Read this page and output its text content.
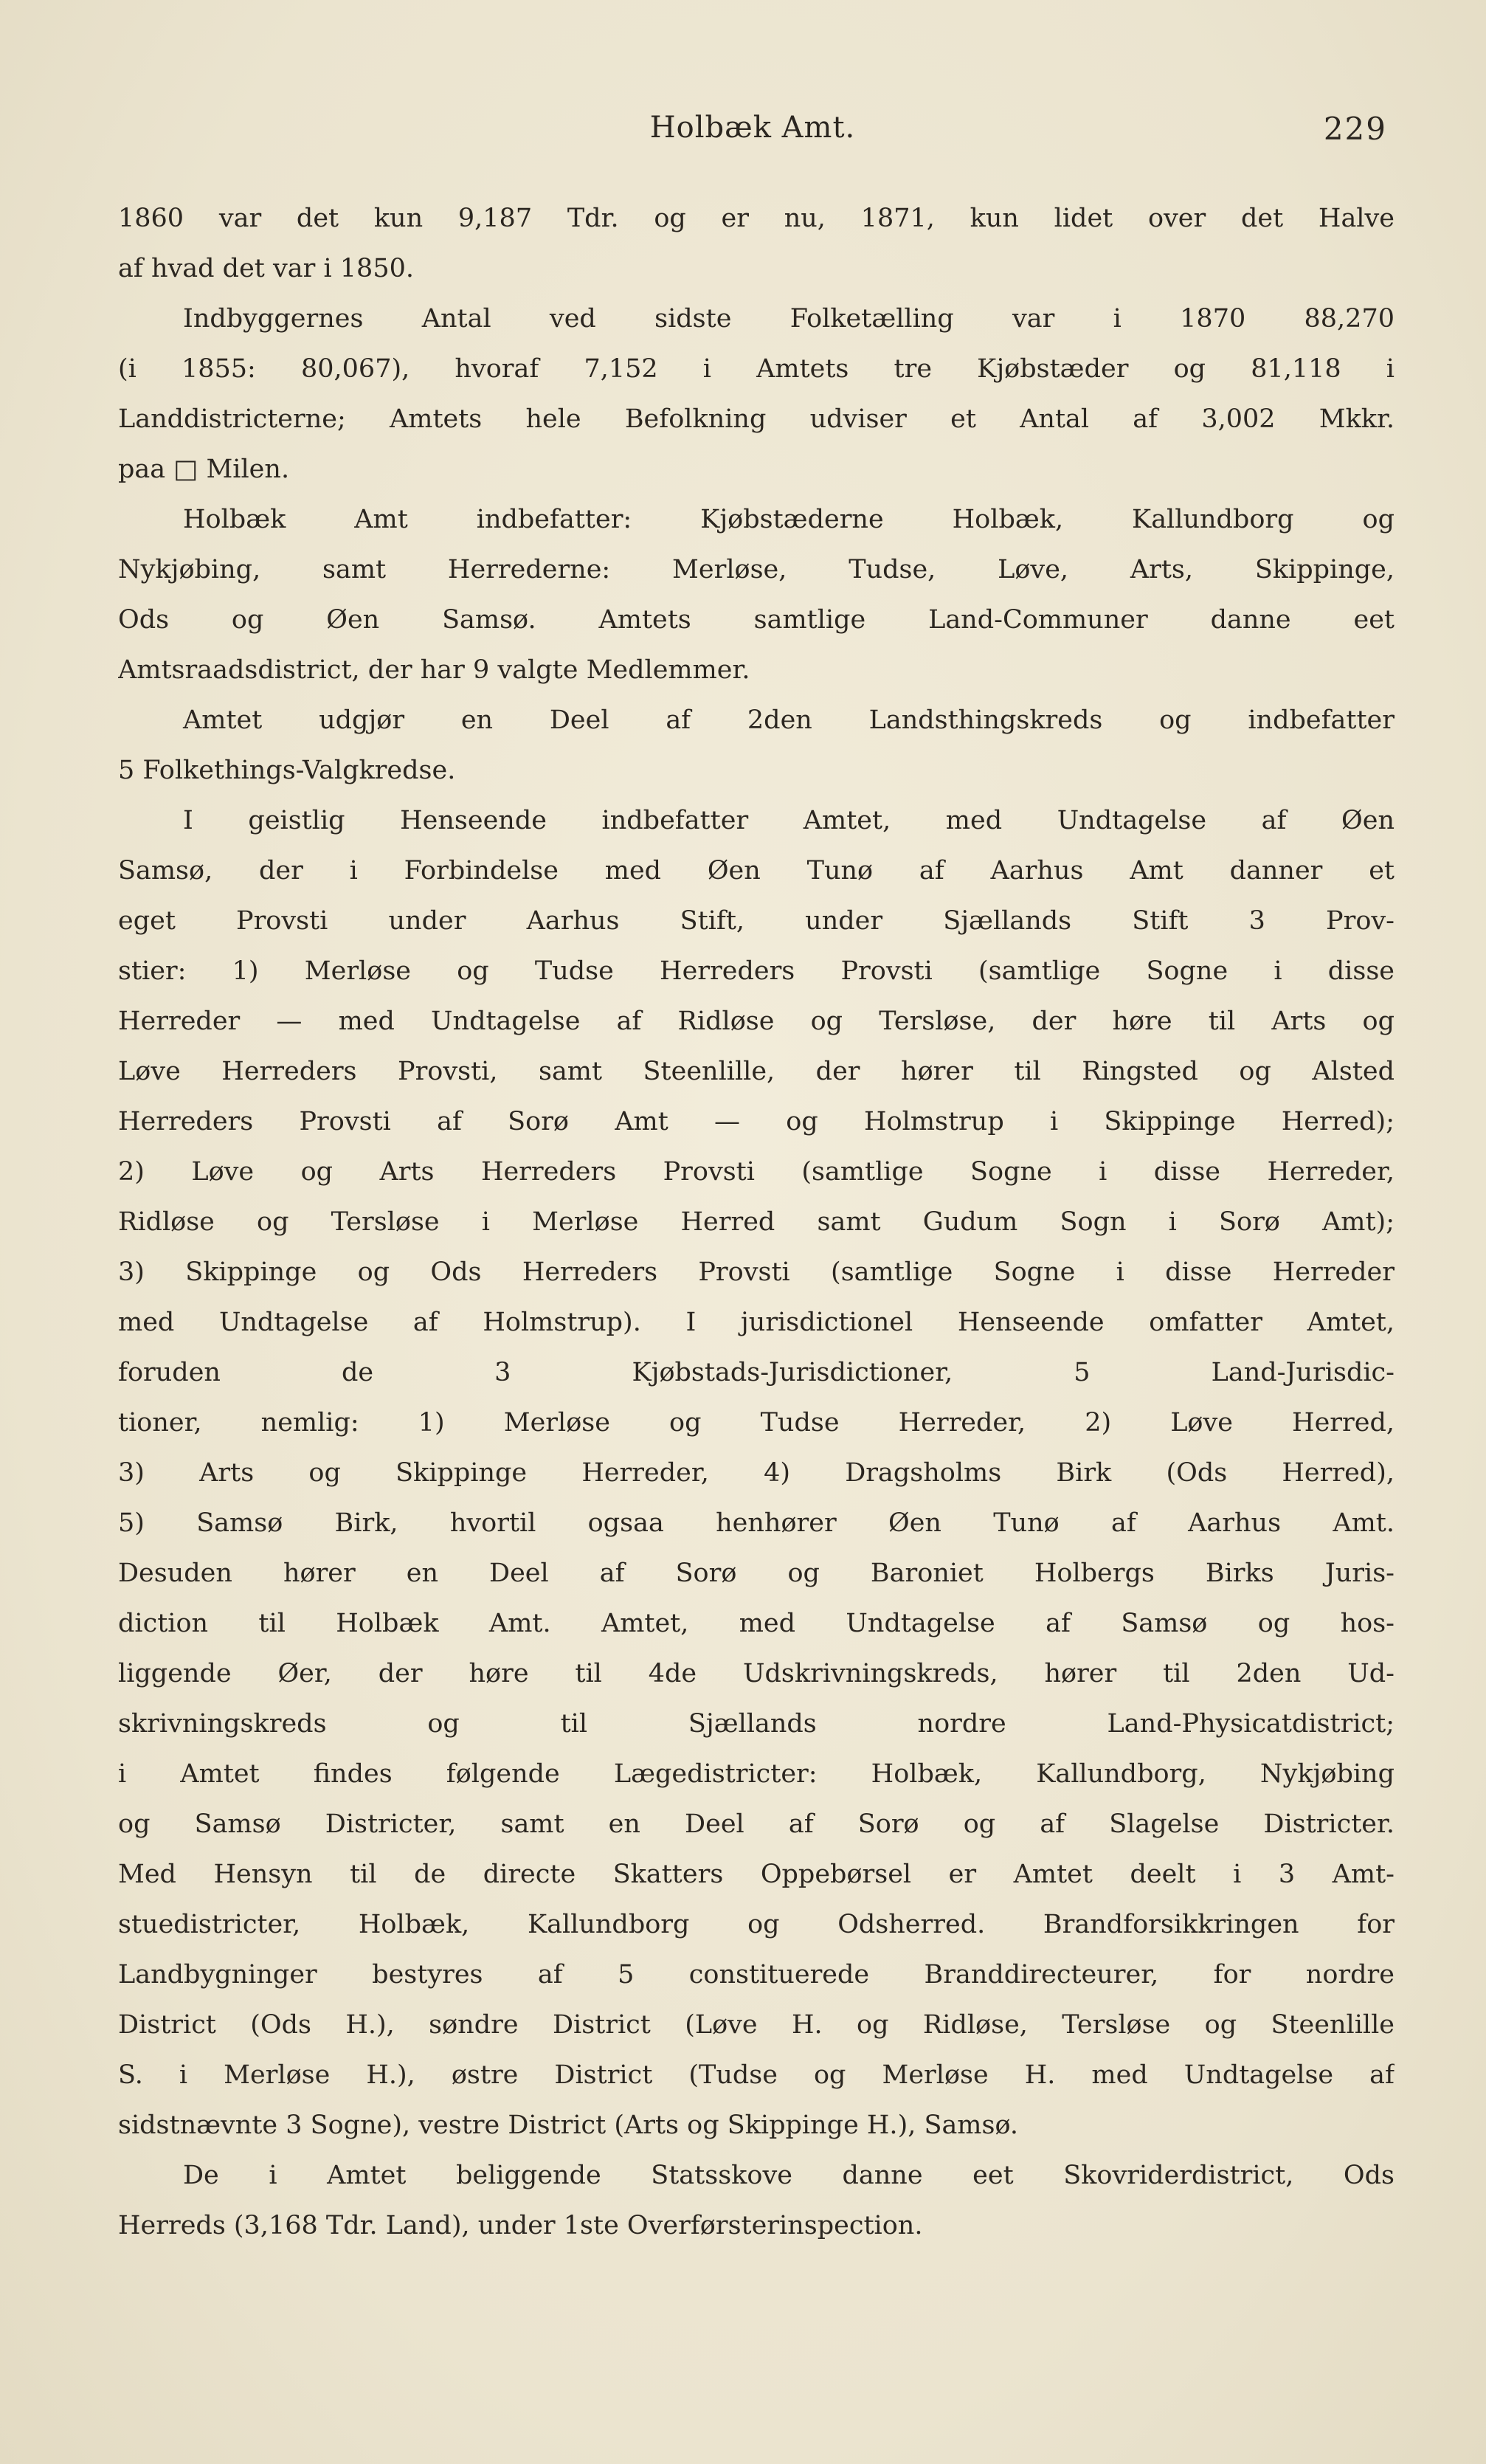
Holbæk Amt.	229
1860 var det kun 9,187 Tdr. og er nu, 1871, kun lidet over det Halve
af hvad det var i 1850.
Indbyggernes Antal ved sidste Folketælling var i 1870 88,270
(i 1855: 80,067), hvoraf 7,152 i Amtets tre Kjøbstæder og 81,118 i
Landdistricterne; Amtets hele Befolkning udviser et Antal af 3,002 Mkkr.
paa □ Milen.
Holbæk Amt indbefatter: Kjøbstæderne Holbæk, Kallundborg og
Nykjøbing, samt Herrederne: Merløse, Tudse, Løve, Arts, Skippinge,
Ods og Øen Samsø. Amtets samtlige Land-Communer danne eet
Amtsraadsdistrict, der har 9 valgte Medlemmer.
Amtet udgjør en Deel af 2den Landsthingskreds og indbefatter
5 Folkethings-Valgkredse.
I geistlig Henseende indbefatter Amtet, med Undtagelse af Øen
Samsø, der i Forbindelse med Øen Tunø af Aarhus Amt danner et
eget Provsti under Aarhus Stift, under Sjællands Stift 3 Prov-
stier: 1) Merløse og Tudse Herreders Provsti (samtlige Sogne i disse
Herreder — med Undtagelse af Ridløse og Tersløse, der høre til Arts og
Løve Herreders Provsti, samt Steenlille, der hører til Ringsted og Alsted
Herreders Provsti af Sorø Amt — og Holmstrup i Skippinge Herred);
2) Løve og Arts Herreders Provsti (samtlige Sogne i disse Herreder,
Ridløse og Tersløse i Merløse Herred samt Gudum Sogn i Sorø Amt);
3) Skippinge og Ods Herreders Provsti (samtlige Sogne i disse Herreder
med Undtagelse af Holmstrup). I jurisdictionel Henseende omfatter Amtet,
foruden de 3 Kjøbstads-Jurisdictioner, 5 Land-Jurisdic-
tioner, nemlig: 1) Merløse og Tudse Herreder, 2) Løve Herred,
3) Arts og Skippinge Herreder, 4) Dragsholms Birk (Ods Herred),
5) Samsø Birk, hvortil ogsaa henhører Øen Tunø af Aarhus Amt.
Desuden hører en Deel af Sorø og Baroniet Holbergs Birks Juris-
diction til Holbæk Amt. Amtet, med Undtagelse af Samsø og hos-
liggende Øer, der høre til 4de Udskrivningskreds, hører til 2den Ud-
skrivningskreds og til Sjællands nordre Land-Physicatdistrict;
i Amtet findes følgende Lægedistricter: Holbæk, Kallundborg, Nykjøbing
og Samsø Districter, samt en Deel af Sorø og af Slagelse Districter.
Med Hensyn til de directe Skatters Oppebørsel er Amtet deelt i 3 Amt-
stuedistricter, Holbæk, Kallundborg og Odsherred. Brandforsikkringen for
Landbygninger bestyres af 5 constituerede Branddirecteurer, for nordre
District (Ods H.), søndre District (Løve H. og Ridløse, Tersløse og Steenlille
S. i Merløse H.), østre District (Tudse og Merløse H. med Undtagelse af
sidstnævnte 3 Sogne), vestre District (Arts og Skippinge H.), Samsø.
De i Amtet beliggende Statsskove danne eet Skovriderdistrict, Ods
Herreds (3,168 Tdr. Land), under 1ste Overførsterinspection.
